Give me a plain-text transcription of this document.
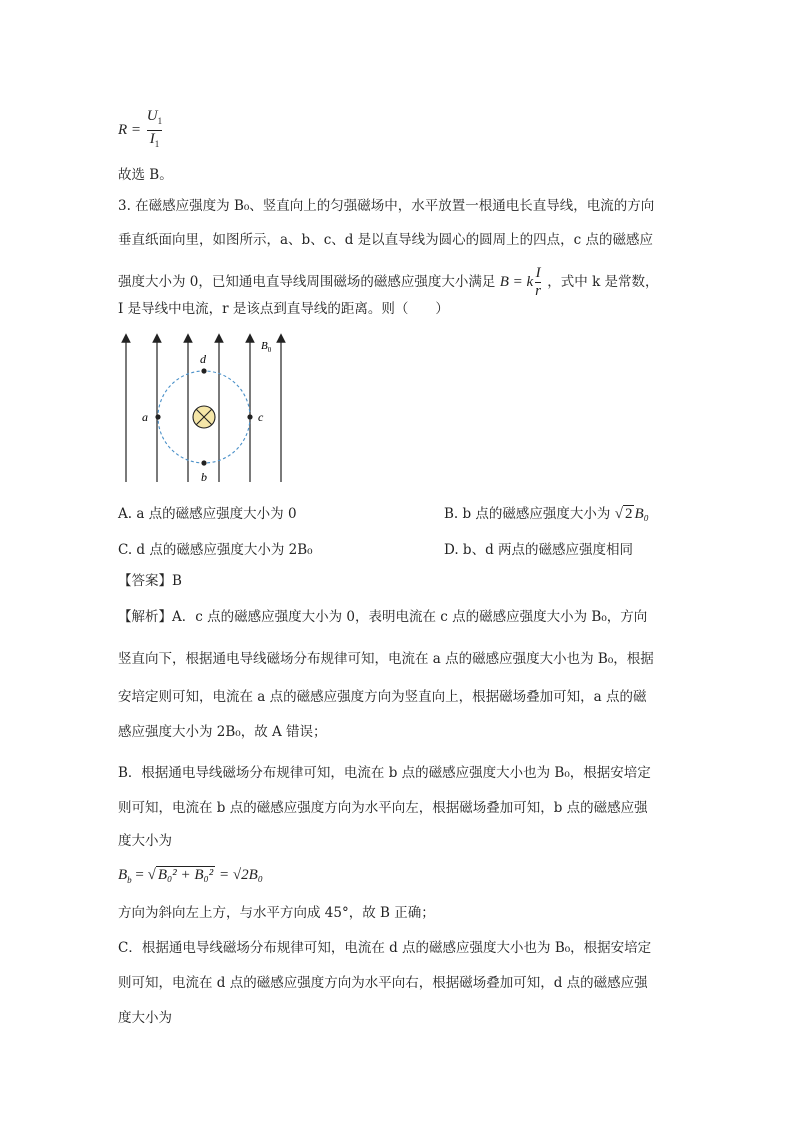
$R = \frac{U_1}{I_1}$
故选 B。
3. 在磁感应强度为 B₀、竖直向上的匀强磁场中，水平放置一根通电长直导线，电流的方向
垂直纸面向里，如图所示，a、b、c、d 是以直导线为圆心的圆周上的四点，c 点的磁感应
强度大小为 0，已知通电直导线周围磁场的磁感应强度大小满足 B = k $\frac{I}{r}$ ，式中 k 是常数，
I 是导线中电流，r 是该点到直导线的距离。则（　　）
a	c
d
b
$B_0$
A. a 点的磁感应强度大小为 0	B. b 点的磁感应强度大小为 √ 2 B₀
C. d 点的磁感应强度大小为 2B₀	D. b、d 两点的磁感应强度相同
【答案】B
【解析】A．c 点的磁感应强度大小为 0，表明电流在 c 点的磁感应强度大小为 B₀，方向
竖直向下，根据通电导线磁场分布规律可知，电流在 a 点的磁感应强度大小也为 B₀，根据
安培定则可知，电流在 a 点的磁感应强度方向为竖直向上，根据磁场叠加可知，a 点的磁
感应强度大小为 2B₀，故 A 错误；
B．根据通电导线磁场分布规律可知，电流在 b 点的磁感应强度大小也为 B₀，根据安培定
则可知，电流在 b 点的磁感应强度方向为水平向左，根据磁场叠加可知，b 点的磁感应强
度大小为
$B_b$ = √ B₀² + B₀² = √2B₀
方向为斜向左上方，与水平方向成 45°，故 B 正确；
C．根据通电导线磁场分布规律可知，电流在 d 点的磁感应强度大小也为 B₀，根据安培定
则可知，电流在 d 点的磁感应强度方向为水平向右，根据磁场叠加可知，d 点的磁感应强
度大小为
